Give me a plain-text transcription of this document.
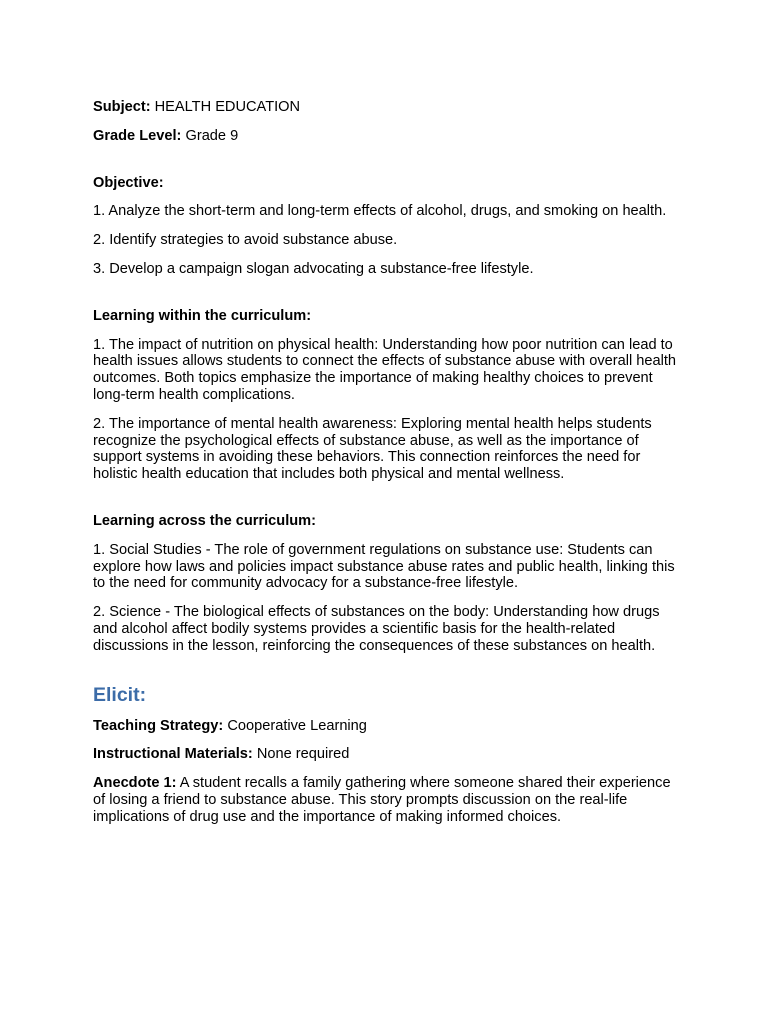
Subject: HEALTH EDUCATION

Grade Level: Grade 9

Objective:

1. Analyze the short-term and long-term effects of alcohol, drugs, and smoking on health.

2. Identify strategies to avoid substance abuse.

3. Develop a campaign slogan advocating a substance-free lifestyle.

Learning within the curriculum:

1. The impact of nutrition on physical health: Understanding how poor nutrition can lead to health issues allows students to connect the effects of substance abuse with overall health outcomes. Both topics emphasize the importance of making healthy choices to prevent long-term health complications.

2. The importance of mental health awareness: Exploring mental health helps students recognize the psychological effects of substance abuse, as well as the importance of support systems in avoiding these behaviors. This connection reinforces the need for holistic health education that includes both physical and mental wellness.

Learning across the curriculum:

1. Social Studies - The role of government regulations on substance use: Students can explore how laws and policies impact substance abuse rates and public health, linking this to the need for community advocacy for a substance-free lifestyle.

2. Science - The biological effects of substances on the body: Understanding how drugs and alcohol affect bodily systems provides a scientific basis for the health-related discussions in the lesson, reinforcing the consequences of these substances on health.

Elicit:

Teaching Strategy: Cooperative Learning

Instructional Materials: None required

Anecdote 1: A student recalls a family gathering where someone shared their experience of losing a friend to substance abuse. This story prompts discussion on the real-life implications of drug use and the importance of making informed choices.
